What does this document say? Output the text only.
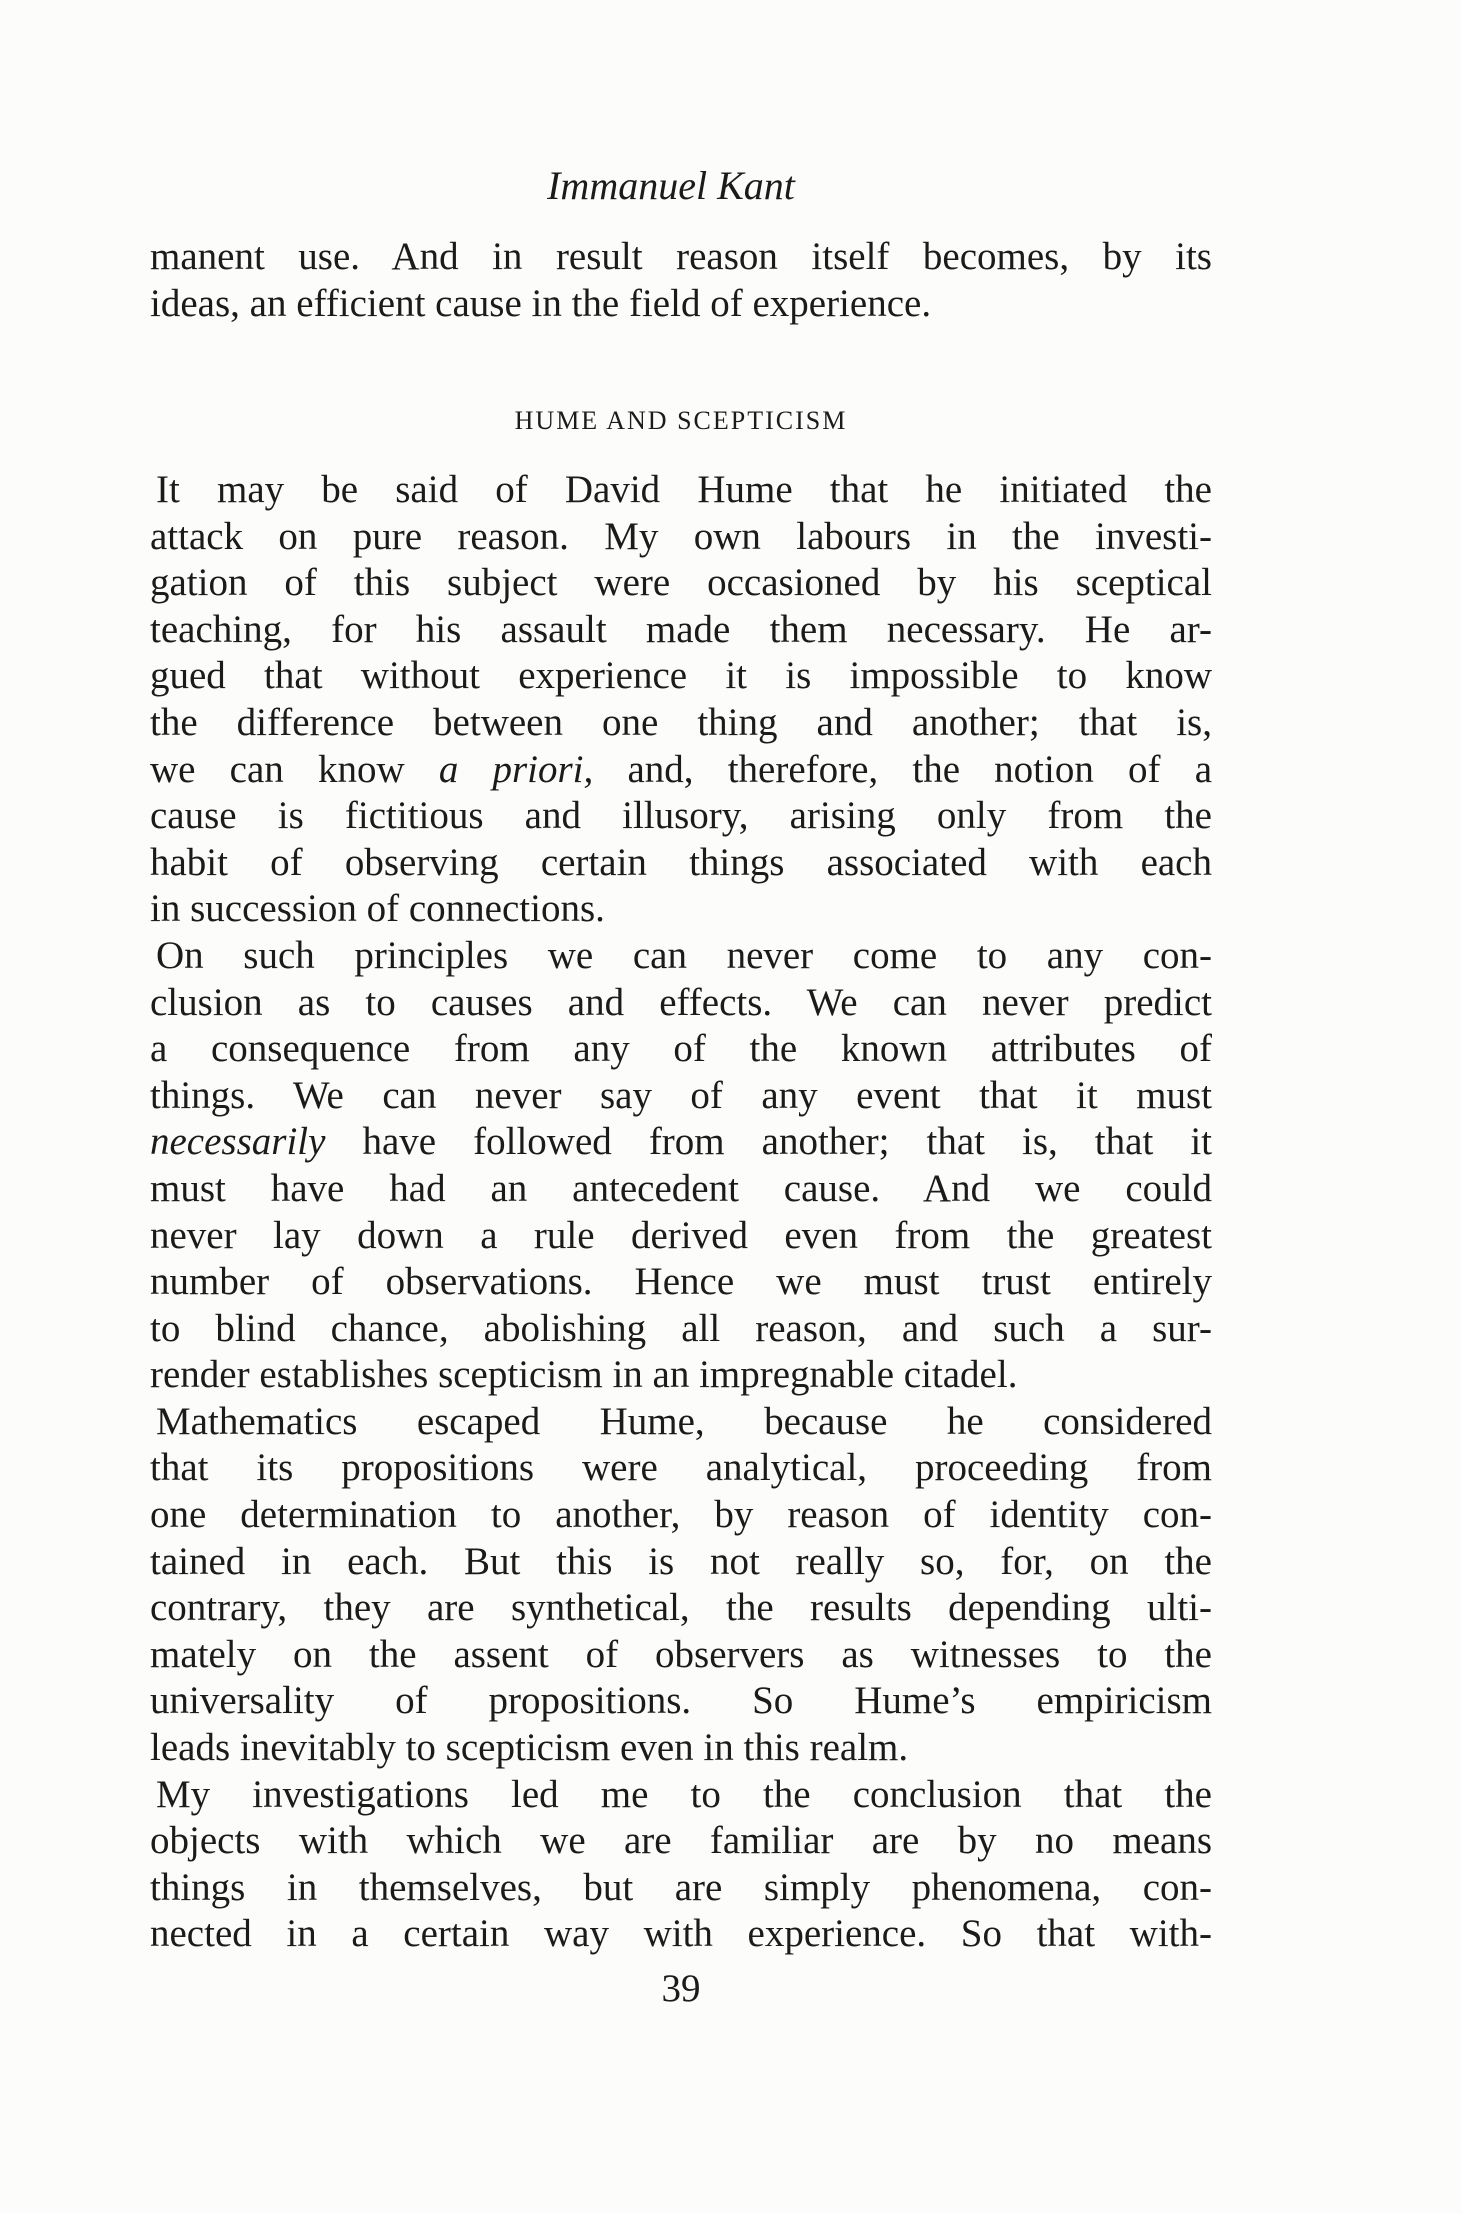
Immanuel Kant
manent use. And in result reason itself becomes, by its
ideas, an efficient cause in the field of experience.
HUME AND SCEPTICISM
It may be said of David Hume that he initiated the
attack on pure reason. My own labours in the investi-
gation of this subject were occasioned by his sceptical
teaching, for his assault made them necessary. He ar-
gued that without experience it is impossible to know
the difference between one thing and another; that is,
we can know a priori, and, therefore, the notion of a
cause is fictitious and illusory, arising only from the
habit of observing certain things associated with each
in succession of connections.
On such principles we can never come to any con-
clusion as to causes and effects. We can never predict
a consequence from any of the known attributes of
things. We can never say of any event that it must
necessarily have followed from another; that is, that it
must have had an antecedent cause. And we could
never lay down a rule derived even from the greatest
number of observations. Hence we must trust entirely
to blind chance, abolishing all reason, and such a sur-
render establishes scepticism in an impregnable citadel.
Mathematics escaped Hume, because he considered
that its propositions were analytical, proceeding from
one determination to another, by reason of identity con-
tained in each. But this is not really so, for, on the
contrary, they are synthetical, the results depending ulti-
mately on the assent of observers as witnesses to the
universality of propositions. So Hume’s empiricism
leads inevitably to scepticism even in this realm.
My investigations led me to the conclusion that the
objects with which we are familiar are by no means
things in themselves, but are simply phenomena, con-
nected in a certain way with experience. So that with-
39
